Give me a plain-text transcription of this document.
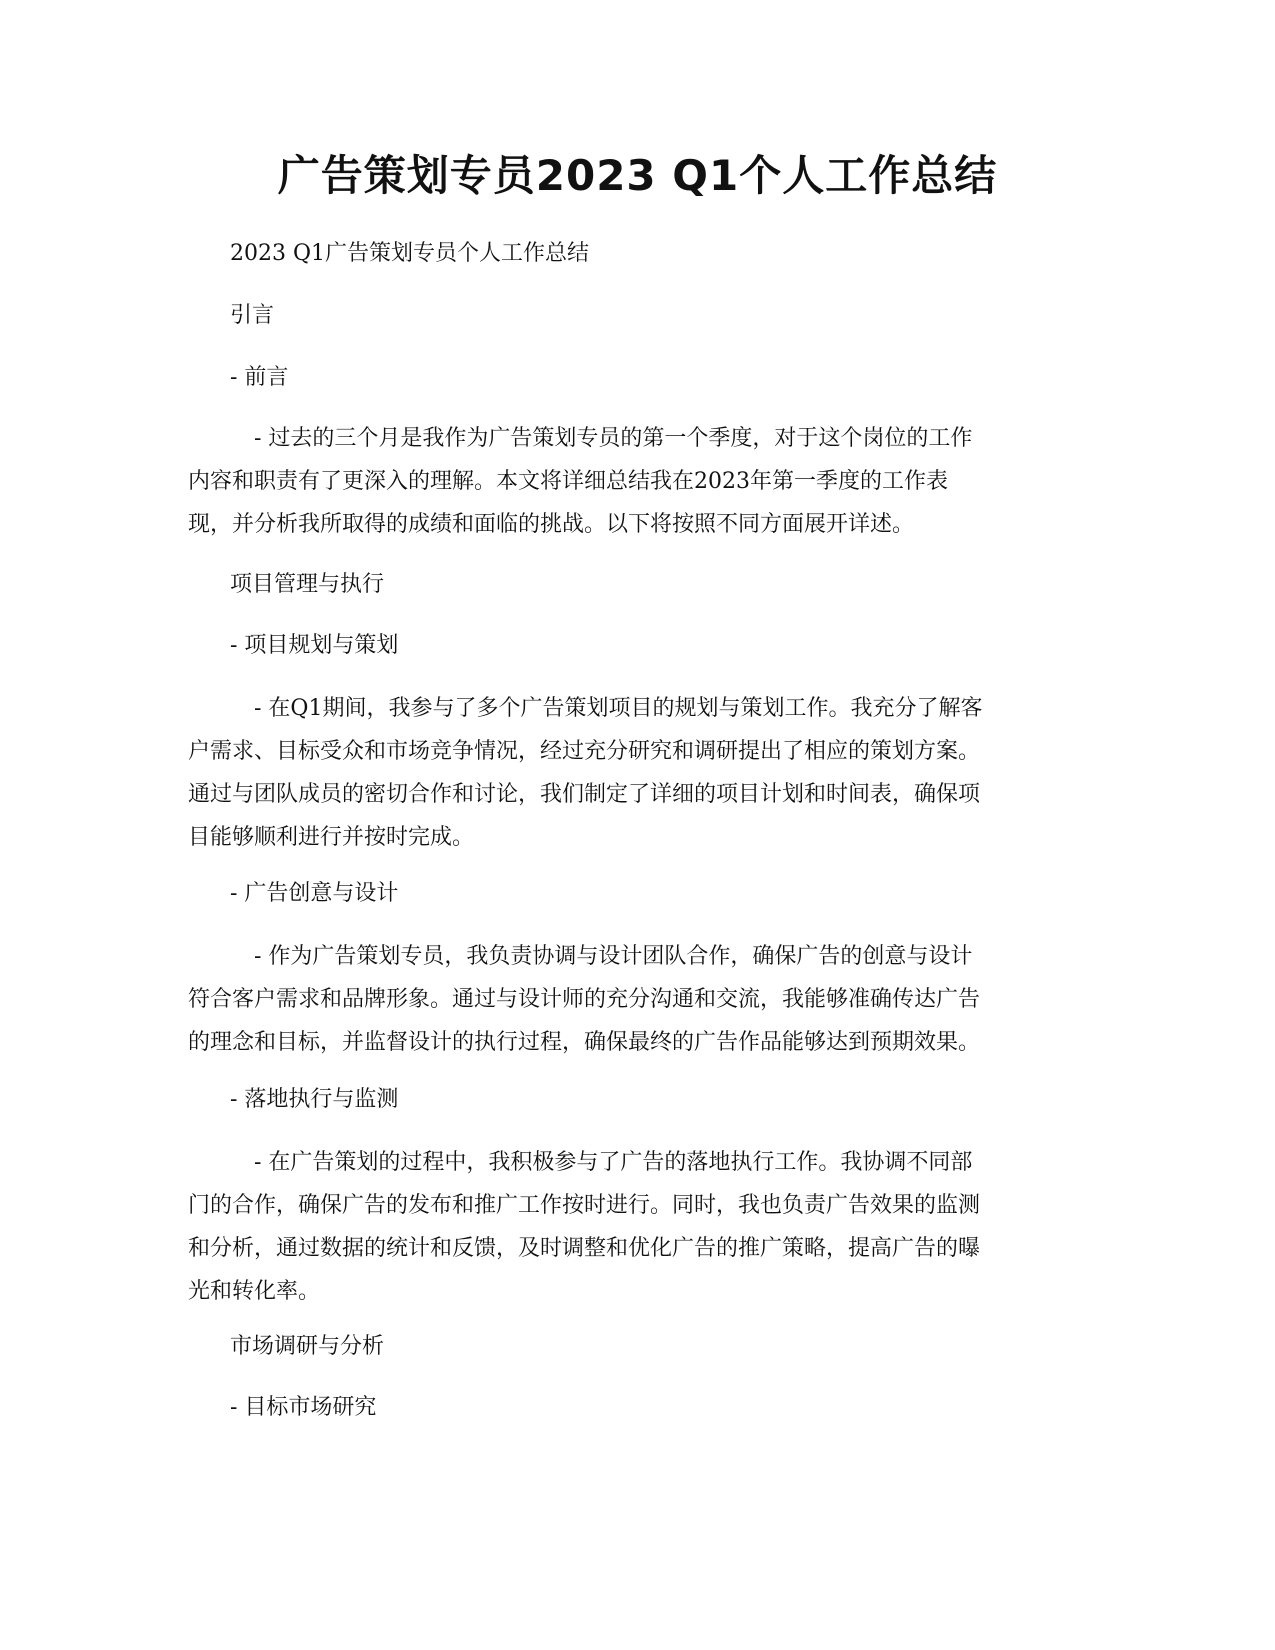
广告策划专员2023 Q1个人工作总结

2023 Q1广告策划专员个人工作总结

引言

- 前言

- 过去的三个月是我作为广告策划专员的第一个季度，对于这个岗位的工作
内容和职责有了更深入的理解。本文将详细总结我在2023年第一季度的工作表
现，并分析我所取得的成绩和面临的挑战。以下将按照不同方面展开详述。

项目管理与执行

- 项目规划与策划

- 在Q1期间，我参与了多个广告策划项目的规划与策划工作。我充分了解客
户需求、目标受众和市场竞争情况，经过充分研究和调研提出了相应的策划方案。
通过与团队成员的密切合作和讨论，我们制定了详细的项目计划和时间表，确保项
目能够顺利进行并按时完成。

- 广告创意与设计

- 作为广告策划专员，我负责协调与设计团队合作，确保广告的创意与设计
符合客户需求和品牌形象。通过与设计师的充分沟通和交流，我能够准确传达广告
的理念和目标，并监督设计的执行过程，确保最终的广告作品能够达到预期效果。

- 落地执行与监测

- 在广告策划的过程中，我积极参与了广告的落地执行工作。我协调不同部
门的合作，确保广告的发布和推广工作按时进行。同时，我也负责广告效果的监测
和分析，通过数据的统计和反馈，及时调整和优化广告的推广策略，提高广告的曝
光和转化率。

市场调研与分析

- 目标市场研究
